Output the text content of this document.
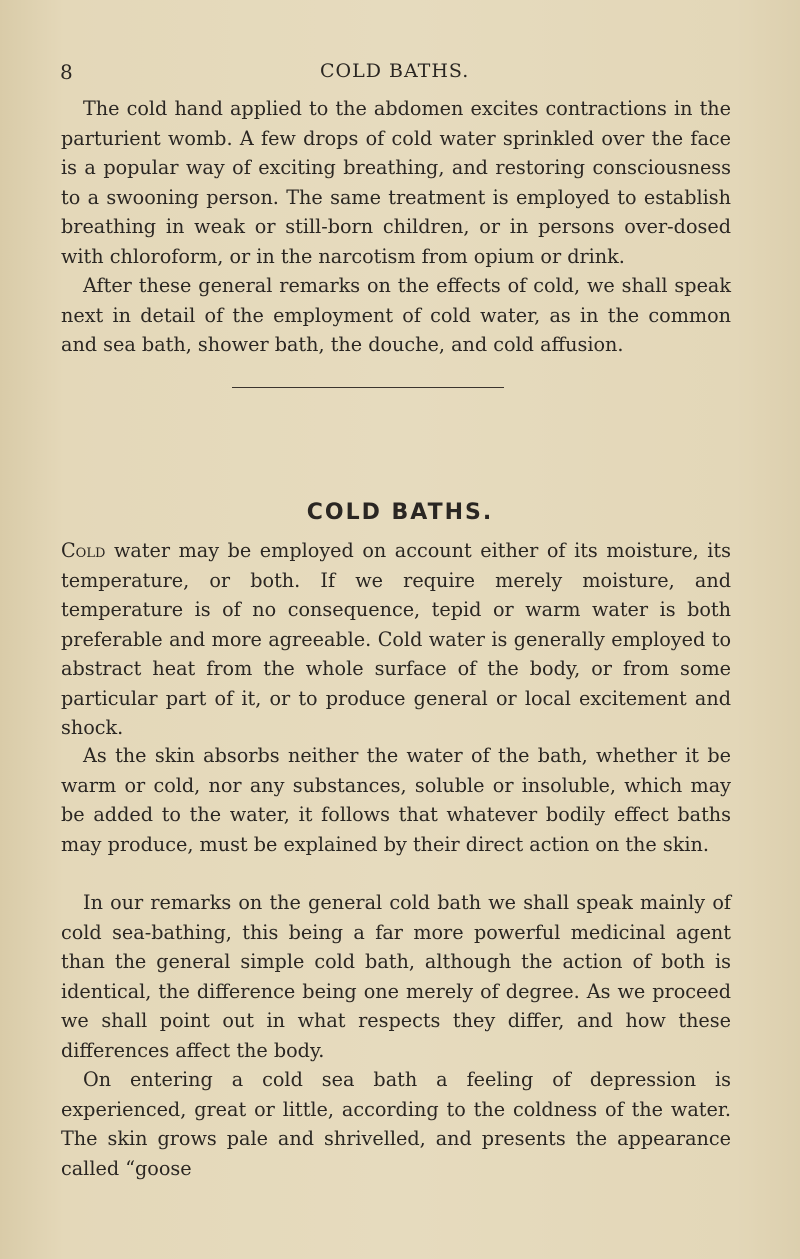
8	COLD BATHS.

The cold hand applied to the abdomen excites contractions in the parturient womb. A few drops of cold water sprinkled over the face is a popular way of exciting breathing, and restoring consciousness to a swooning person. The same treatment is employed to establish breathing in weak or still-born children, or in persons over-dosed with chloroform, or in the narcotism from opium or drink.

After these general remarks on the effects of cold, we shall speak next in detail of the employment of cold water, as in the common and sea bath, shower bath, the douche, and cold affusion.

COLD BATHS.

Cold water may be employed on account either of its moisture, its temperature, or both. If we require merely moisture, and temperature is of no consequence, tepid or warm water is both preferable and more agreeable. Cold water is generally employed to abstract heat from the whole surface of the body, or from some particular part of it, or to produce general or local excitement and shock.

As the skin absorbs neither the water of the bath, whether it be warm or cold, nor any substances, soluble or insoluble, which may be added to the water, it follows that whatever bodily effect baths may produce, must be explained by their direct action on the skin.

In our remarks on the general cold bath we shall speak mainly of cold sea-bathing, this being a far more powerful medicinal agent than the general simple cold bath, although the action of both is identical, the difference being one merely of degree. As we proceed we shall point out in what respects they differ, and how these differences affect the body.

On entering a cold sea bath a feeling of depression is experienced, great or little, according to the coldness of the water. The skin grows pale and shrivelled, and presents the appearance called “goose
